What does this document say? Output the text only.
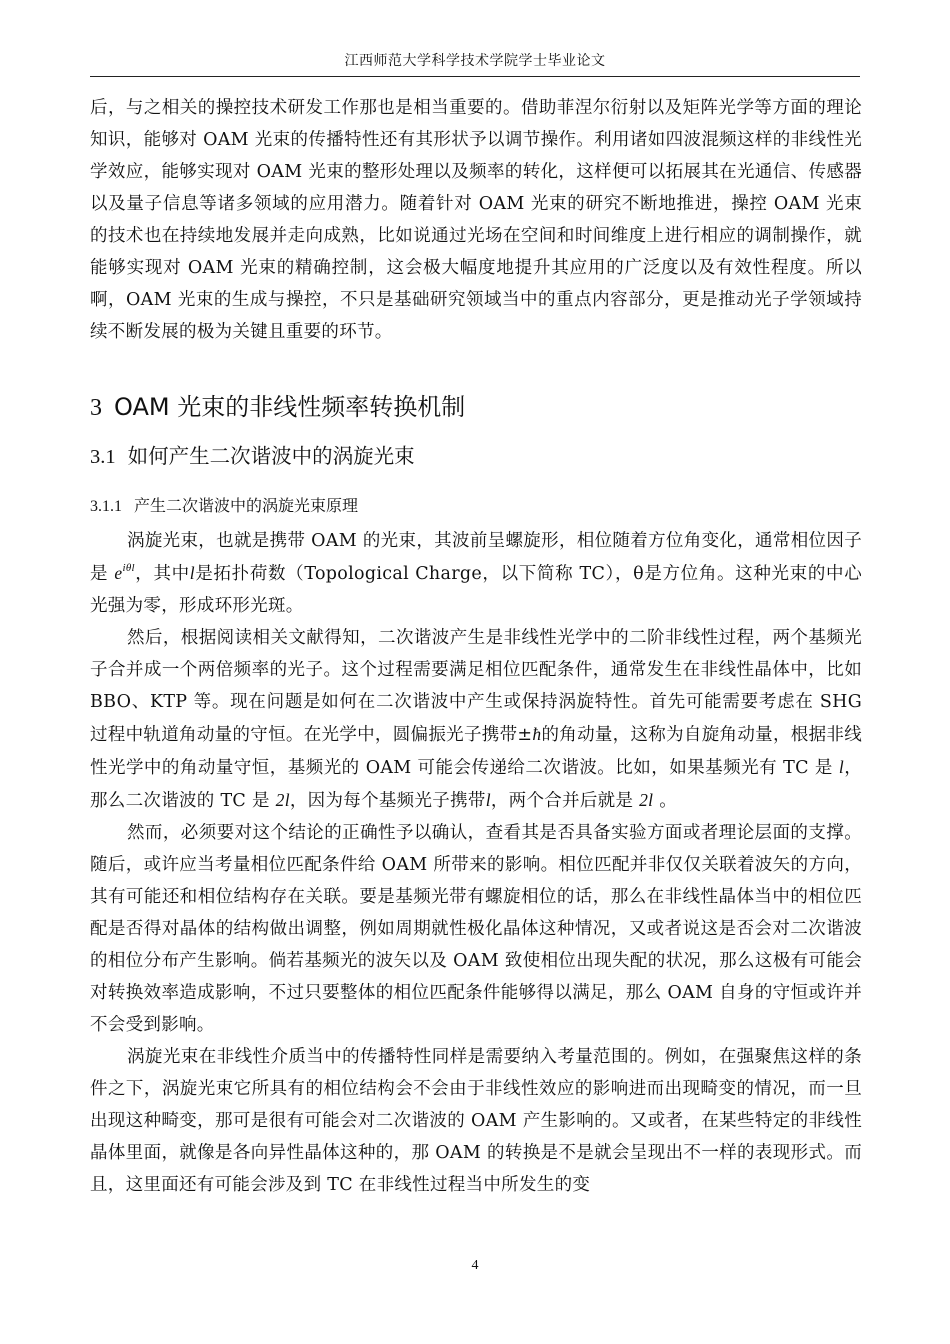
江西师范大学科学技术学院学士毕业论文

后，与之相关的操控技术研发工作那也是相当重要的。借助菲涅尔衍射以及矩阵光学等方面的理论知识，能够对 OAM 光束的传播特性还有其形状予以调节操作。利用诸如四波混频这样的非线性光学效应，能够实现对 OAM 光束的整形处理以及频率的转化，这样便可以拓展其在光通信、传感器以及量子信息等诸多领域的应用潜力。随着针对 OAM 光束的研究不断地推进，操控 OAM 光束的技术也在持续地发展并走向成熟，比如说通过光场在空间和时间维度上进行相应的调制操作，就能够实现对 OAM 光束的精确控制，这会极大幅度地提升其应用的广泛度以及有效性程度。所以啊，OAM 光束的生成与操控，不只是基础研究领域当中的重点内容部分，更是推动光子学领域持续不断发展的极为关键且重要的环节。

3 OAM 光束的非线性频率转换机制
3.1 如何产生二次谐波中的涡旋光束
3.1.1 产生二次谐波中的涡旋光束原理

涡旋光束，也就是携带 OAM 的光束，其波前呈螺旋形，相位随着方位角变化，通常相位因子是 $e^{i\theta l}$，其中l是拓扑荷数（Topological Charge，以下简称 TC），θ是方位角。这种光束的中心光强为零，形成环形光斑。

然后，根据阅读相关文献得知，二次谐波产生是非线性光学中的二阶非线性过程，两个基频光子合并成一个两倍频率的光子。这个过程需要满足相位匹配条件，通常发生在非线性晶体中，比如 BBO、KTP 等。现在问题是如何在二次谐波中产生或保持涡旋特性。首先可能需要考虑在 SHG 过程中轨道角动量的守恒。在光学中，圆偏振光子携带±ħ的角动量，这称为自旋角动量，根据非线性光学中的角动量守恒，基频光的 OAM 可能会传递给二次谐波。比如，如果基频光有 TC 是 l，那么二次谐波的 TC 是 2l，因为每个基频光子携带l，两个合并后就是 2l 。

然而，必须要对这个结论的正确性予以确认，查看其是否具备实验方面或者理论层面的支撑。随后，或许应当考量相位匹配条件给 OAM 所带来的影响。相位匹配并非仅仅关联着波矢的方向，其有可能还和相位结构存在关联。要是基频光带有螺旋相位的话，那么在非线性晶体当中的相位匹配是否得对晶体的结构做出调整，例如周期就性极化晶体这种情况，又或者说这是否会对二次谐波的相位分布产生影响。倘若基频光的波矢以及 OAM 致使相位出现失配的状况，那么这极有可能会对转换效率造成影响，不过只要整体的相位匹配条件能够得以满足，那么 OAM 自身的守恒或许并不会受到影响。

涡旋光束在非线性介质当中的传播特性同样是需要纳入考量范围的。例如，在强聚焦这样的条件之下，涡旋光束它所具有的相位结构会不会由于非线性效应的影响进而出现畸变的情况，而一旦出现这种畸变，那可是很有可能会对二次谐波的 OAM 产生影响的。又或者，在某些特定的非线性晶体里面，就像是各向异性晶体这种的，那 OAM 的转换是不是就会呈现出不一样的表现形式。而且，这里面还有可能会涉及到 TC 在非线性过程当中所发生的变

4
